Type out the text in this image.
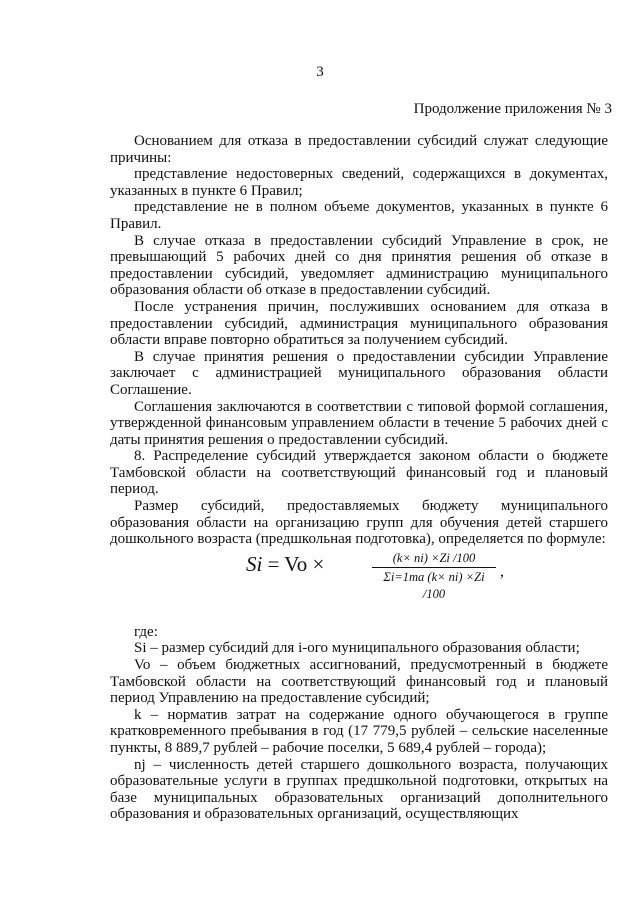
3
Продолжение приложения № 3

Основанием для отказа в предоставлении субсидий служат следующие причины:

представление недостоверных сведений, содержащихся в документах, указанных в пункте 6 Правил;

представление не в полном объеме документов, указанных в пункте 6 Правил.

В случае отказа в предоставлении субсидий Управление в срок, не превышающий 5 рабочих дней со дня принятия решения об отказе в предоставлении субсидий, уведомляет администрацию муниципального образования области об отказе в предоставлении субсидий.

После устранения причин, послуживших основанием для отказа в предоставлении субсидий, администрация муниципального образования области вправе повторно обратиться за получением субсидий.

В случае принятия решения о предоставлении субсидии Управление заключает с администрацией муниципального образования области Соглашение.

Соглашения заключаются в соответствии с типовой формой соглашения, утвержденной финансовым управлением области в течение 5 рабочих дней с даты принятия решения о предоставлении субсидий.

8. Распределение субсидий утверждается законом области о бюджете Тамбовской области на соответствующий финансовый год и плановый период.

Размер субсидий, предоставляемых бюджету муниципального образования области на организацию групп для обучения детей старшего дошкольного возраста (предшкольная подготовка), определяется по формуле:

Si = Vo ×	$\frac{(k\times ni) \times Zi /100}{\Sigma i=1ma (k\times ni) \times Zi /100}$ ,

где:

Si – размер субсидий для i-ого муниципального образования области;

Vo – объем бюджетных ассигнований, предусмотренный в бюджете Тамбовской области на соответствующий финансовый год и плановый период Управлению на предоставление субсидий;

k – норматив затрат на содержание одного обучающегося в группе кратковременного пребывания в год (17 779,5 рублей – сельские населенные пункты, 8 889,7 рублей – рабочие поселки, 5 689,4 рублей – города);

nj – численность детей старшего дошкольного возраста, получающих образовательные услуги в группах предшкольной подготовки, открытых на базе муниципальных образовательных организаций дополнительного образования и образовательных организаций, осуществляющих
